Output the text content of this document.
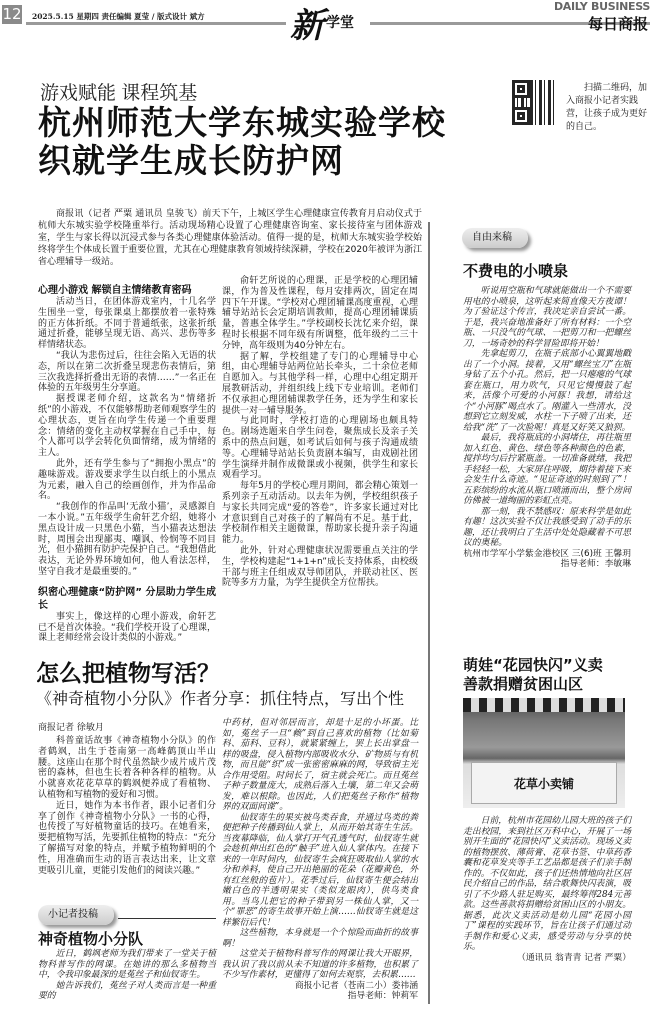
12 2025.5.15 星期四 责任编辑 夏莹 / 版式设计 斌方	新 学堂
DAILY BUSINESS
每日商报
游戏赋能 课程筑基
杭州师范大学东城实验学校
织就学生成长防护网
扫描二维码，加入商报小记者实践营，让孩子成为更好的自己。

商报讯（记者 严粟 通讯员 皇骏飞）前天下午，上城区学生心理健康宣传教育月启动仪式于杭师大东城实验学校隆重举行。活动现场精心设置了心理健康咨询室、家长接待室与团体游戏室，学生与家长得以沉浸式参与各类心理健康体验活动。值得一提的是，杭师大东城实验学校始终将学生个体成长置于重要位置，尤其在心理健康教育领域持续深耕，学校在2020年被评为浙江省心理辅导一级站。

心理小游戏 解锁自主情绪教育密码

活动当日，在团体游戏室内，十几名学生围坐一堂，每张课桌上都摆放着一张特殊的正方体折纸。不同于普通纸张，这张折纸通过折叠，能够呈现无语、高兴、悲伤等多样情绪状态。

“我认为悲伤过后，往往会陷入无语的状态，所以在第二次折叠呈现悲伤表情后，第三次我选择折叠出无语的表情……”一名正在体验的五年级男生分享道。

据授课老师介绍，这款名为“情绪折纸”的小游戏，不仅能够帮助老师观察学生的心理状态，更旨在向学生传递一个重要理念：情绪的变化主动权掌握在自己手中，每个人都可以学会转化负面情绪，成为情绪的主人。

此外，还有学生参与了“拥抱小黑点”的趣味游戏。游戏要求学生以白纸上的小黑点为元素，融入自己的绘画创作，并为作品命名。

“我创作的作品叫‘无敌小猫’，灵感源自一本小说。”五年级学生俞轩艺介绍，她将小黑点设计成一只黑色小猫，当小猫表达想法时，周围会出现鄙夷、嘲讽、怜悯等不同目光，但小猫拥有防护壳保护自己。“我想借此表达，无论外界环境如何，他人看法怎样，坚守自我才是最重要的。”

织密心理健康“防护网” 分层助力学生成长

事实上，像这样的心理小游戏，俞轩艺已不是首次体验。“我们学校开设了心理课，课上老师经常会设计类似的小游戏。”

俞轩艺所说的心理课，正是学校的心理团辅课，作为普及性课程，每月安排两次，固定在周四下午开课。“学校对心理团辅课高度重视，心理辅导站站长会定期培训教师，提高心理团辅课质量，普惠全体学生。”学校副校长沈忆来介绍，课程时长根据不同年级有所调整，低年级约二三十分钟，高年级则为40分钟左右。

据了解，学校组建了专门的心理辅导中心组，由心理辅导站两位站长牵头，二十余位老师自愿加入。与其他学科一样，心理中心组定期开展教研活动，并组织线上线下专业培训。老师们不仅承担心理团辅课教学任务，还为学生和家长提供一对一辅导服务。

与此同时，学校打造的心理剧场也颇具特色。剧场选题来自学生问卷，聚焦成长及亲子关系中的热点问题，如考试后如何与孩子沟通成绩等。心理辅导站站长负责剧本编写，由戏剧社团学生演绎并制作成微课或小视频，供学生和家长观看学习。

每年5月的学校心理月期间，都会精心策划一系列亲子互动活动。以去年为例，学校组织孩子与家长共同完成“爱的答卷”，许多家长通过对比才意识到自己对孩子的了解尚有不足。基于此，学校制作相关主题微课，帮助家长提升亲子沟通能力。

此外，针对心理健康状况需要重点关注的学生，学校构建起“1+1+n”成长支持体系，由校级干部与班主任组成双导师团队，并联动社区、医院等多方力量，为学生提供全方位帮扶。

自由来稿
不费电的小喷泉

听说用空瓶和气球就能做出一个不需要用电的小喷泉，这听起来简直像天方夜谭！为了验证这个传言，我决定亲自尝试一番。于是，我兴奋地准备好了所有材料：一个空瓶、一只没气的气球、一把剪刀和一把螺丝刀，一场奇妙的科学冒险即将开始！

先拿起剪刀，在瓶子底部小心翼翼地戳出了一个小洞。接着，又用“螺丝宝刀”在瓶身钻了五个小孔。然后，把一只瘪瘪的气球套在瓶口，用力吹气，只见它慢慢鼓了起来，活像个可爱的小河豚！我想，请给这个“小河豚”喝点水了。刚灌入一些清水，没想到它立刻发威，水柱一下子喷了出来，还给我“洗”了一次脸呢！真是又好笑又狼狈。

最后，我将瓶底的小洞堵住，再往瓶里加入红色、黄色、绿色等各种颜色的色素，搅拌均匀后拧紧瓶盖。一切准备就绪，我把手轻轻一松，大家屏住呼吸，期待着接下来会发生什么奇迹。“见证奇迹的时刻到了”！五彩缤纷的水流从瓶口喷涌而出，整个房间仿佛被一道绚丽的彩虹点亮。

那一刻，我不禁感叹：原来科学是如此有趣！这次实验不仅让我感受到了动手的乐趣，还让我明白了生活中处处隐藏着不可思议的奥秘。

杭州市学军小学紫金港校区 三(6)班 王馨玥

指导老师：李敏琳

萌娃“花园快闪”义卖
善款捐赠贫困山区
花草小卖铺

日前，杭州市花园幼儿园大班的孩子们走出校园，来到社区万科中心，开展了一场别开生面的“花园快闪”义卖活动。现场义卖的植物摆放、薄荷膏、花草书签、中草药香囊和花草发夹等手工艺品都是孩子们亲手制作的。不仅如此，孩子们还热情地向社区居民介绍自己的作品，结合歌舞快闪表演，吸引了不少路人驻足购买，最终筹得284元善款。这些善款将捐赠给贫困山区的小朋友。据悉，此次义卖活动是幼儿园“花园小园丁”课程的实践环节，旨在让孩子们通过动手制作和爱心义卖，感受劳动与分享的快乐。

（通讯员 翁青青 记者 严粟）

怎么把植物写活？
《神奇植物小分队》作者分享：抓住特点，写出个性
商报记者 徐敏月

科普童话故事《神奇植物小分队》的作者鹤飒，出生于苍南第一高峰鹤顶山半山腰。这座山在那个时代虽然缺少成片成片茂密的森林，但也生长着各种各样的植物。从小就喜欢花花草草的鹤飒便养成了看植物、认植物和写植物的爱好和习惯。

近日，她作为本书作者，跟小记者们分享了创作《神奇植物小分队》一书的心得，也传授了写好植物童话的技巧。在她看来，要把植物写活，先要抓住植物的特点：“充分了解描写对象的特点，并赋予植物鲜明的个性，用准确而生动的语言表达出来，让文章更吸引儿童，更能引发他们的阅读兴趣。”

小记者投稿
神奇植物小分队

近日，鹤飒老师为我们带来了一堂关于植物科普写作的网课。在她讲的那么多植物当中，令我印象最深的是菟丝子和仙钗寄生。

她告诉我们，菟丝子对人类而言是一种重要的

中药材，但对邻居而言，却是十足的小坏蛋。比如，菟丝子一旦“赖”到自己喜欢的植物（比如菊科、茄科、豆科），就紧紧缠上，罢上长出掌盘一样的吸盘，侵入植物内部吸收水分、矿物质与有机物，而且能“织”成一张密密麻麻的网，导致宿主光合作用受阻。时间长了，宿主就会死亡。而且菟丝子种子数量庞大，成熟后落入土壤，第二年又会萌发，难以根除。也因此，人们把菟丝子称作“植物界的双面间谍”。

仙钗寄生的果实被鸟类吞食，并通过鸟类的粪便把种子传播到仙人掌上，从而开始其寄生生活。当夜幕降临，仙人掌打开气孔透气时，仙钗寄生就会趁机伸出红色的“触手”进入仙人掌体内。在接下来的一年时间内，仙钗寄生会疯狂吸取仙人掌的水分和养料，使自己开出艳丽的花朵（花瓣黄色，外有红丝般的苞片）。花季过后，仙钗寄生便会结出嫩白色的半透明果实（类似龙眼肉），供鸟类食用。当鸟儿把它的种子带到另一株仙人掌，又一个“罪恶”的寄生故事开始上演……仙钗寄生就是这样繁衍后代！

这些植物，本身就是一个个惊险而曲折的故事啊！

这堂关于植物科普写作的网课让我大开眼界，我认识了我以前从未不知道的许多植物，也积累了不少写作素材，更懂得了如何去观察，去积累……

商报小记者（苍南二小）娄祎涵

指导老师：钟莉军
